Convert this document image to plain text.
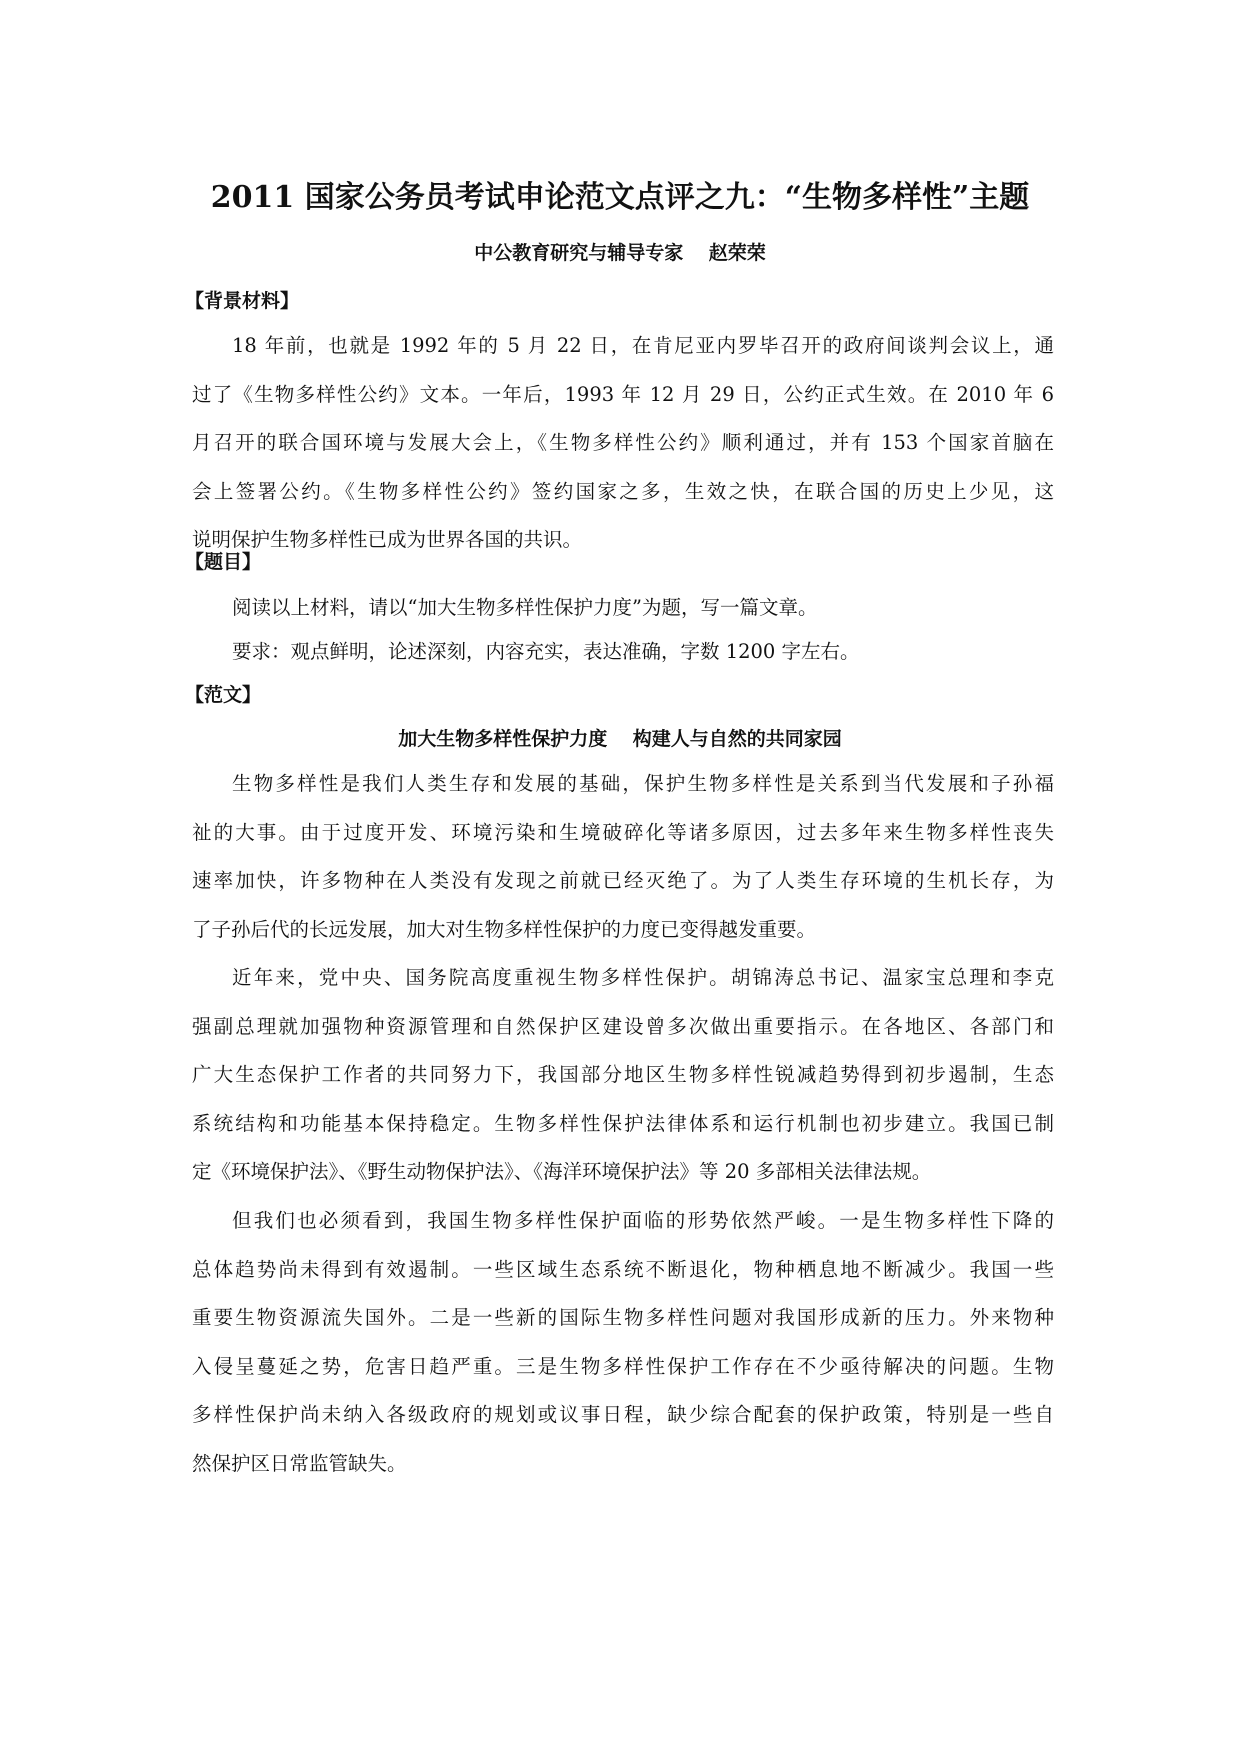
2011 国家公务员考试申论范文点评之九：“生物多样性”主题
中公教育研究与辅导专家　 赵荣荣
【背景材料】
18 年前，也就是 1992 年的 5 月 22 日，在肯尼亚内罗毕召开的政府间谈判会议上，通
过了《生物多样性公约》文本。一年后，1993 年 12 月 29 日，公约正式生效。在 2010 年 6
月召开的联合国环境与发展大会上，《生物多样性公约》顺利通过，并有 153 个国家首脑在
会上签署公约。《生物多样性公约》签约国家之多，生效之快，在联合国的历史上少见，这
说明保护生物多样性已成为世界各国的共识。
【题目】
阅读以上材料，请以“加大生物多样性保护力度”为题，写一篇文章。
要求：观点鲜明，论述深刻，内容充实，表达准确，字数 1200 字左右。
【范文】
加大生物多样性保护力度　 构建人与自然的共同家园
生物多样性是我们人类生存和发展的基础，保护生物多样性是关系到当代发展和子孙福
祉的大事。由于过度开发、环境污染和生境破碎化等诸多原因，过去多年来生物多样性丧失
速率加快，许多物种在人类没有发现之前就已经灭绝了。为了人类生存环境的生机长存，为
了子孙后代的长远发展，加大对生物多样性保护的力度已变得越发重要。
近年来，党中央、国务院高度重视生物多样性保护。胡锦涛总书记、温家宝总理和李克
强副总理就加强物种资源管理和自然保护区建设曾多次做出重要指示。在各地区、各部门和
广大生态保护工作者的共同努力下，我国部分地区生物多样性锐减趋势得到初步遏制，生态
系统结构和功能基本保持稳定。生物多样性保护法律体系和运行机制也初步建立。我国已制
定《环境保护法》、《野生动物保护法》、《海洋环境保护法》等 20 多部相关法律法规。
但我们也必须看到，我国生物多样性保护面临的形势依然严峻。一是生物多样性下降的
总体趋势尚未得到有效遏制。一些区域生态系统不断退化，物种栖息地不断减少。我国一些
重要生物资源流失国外。二是一些新的国际生物多样性问题对我国形成新的压力。外来物种
入侵呈蔓延之势，危害日趋严重。三是生物多样性保护工作存在不少亟待解决的问题。生物
多样性保护尚未纳入各级政府的规划或议事日程，缺少综合配套的保护政策，特别是一些自
然保护区日常监管缺失。
